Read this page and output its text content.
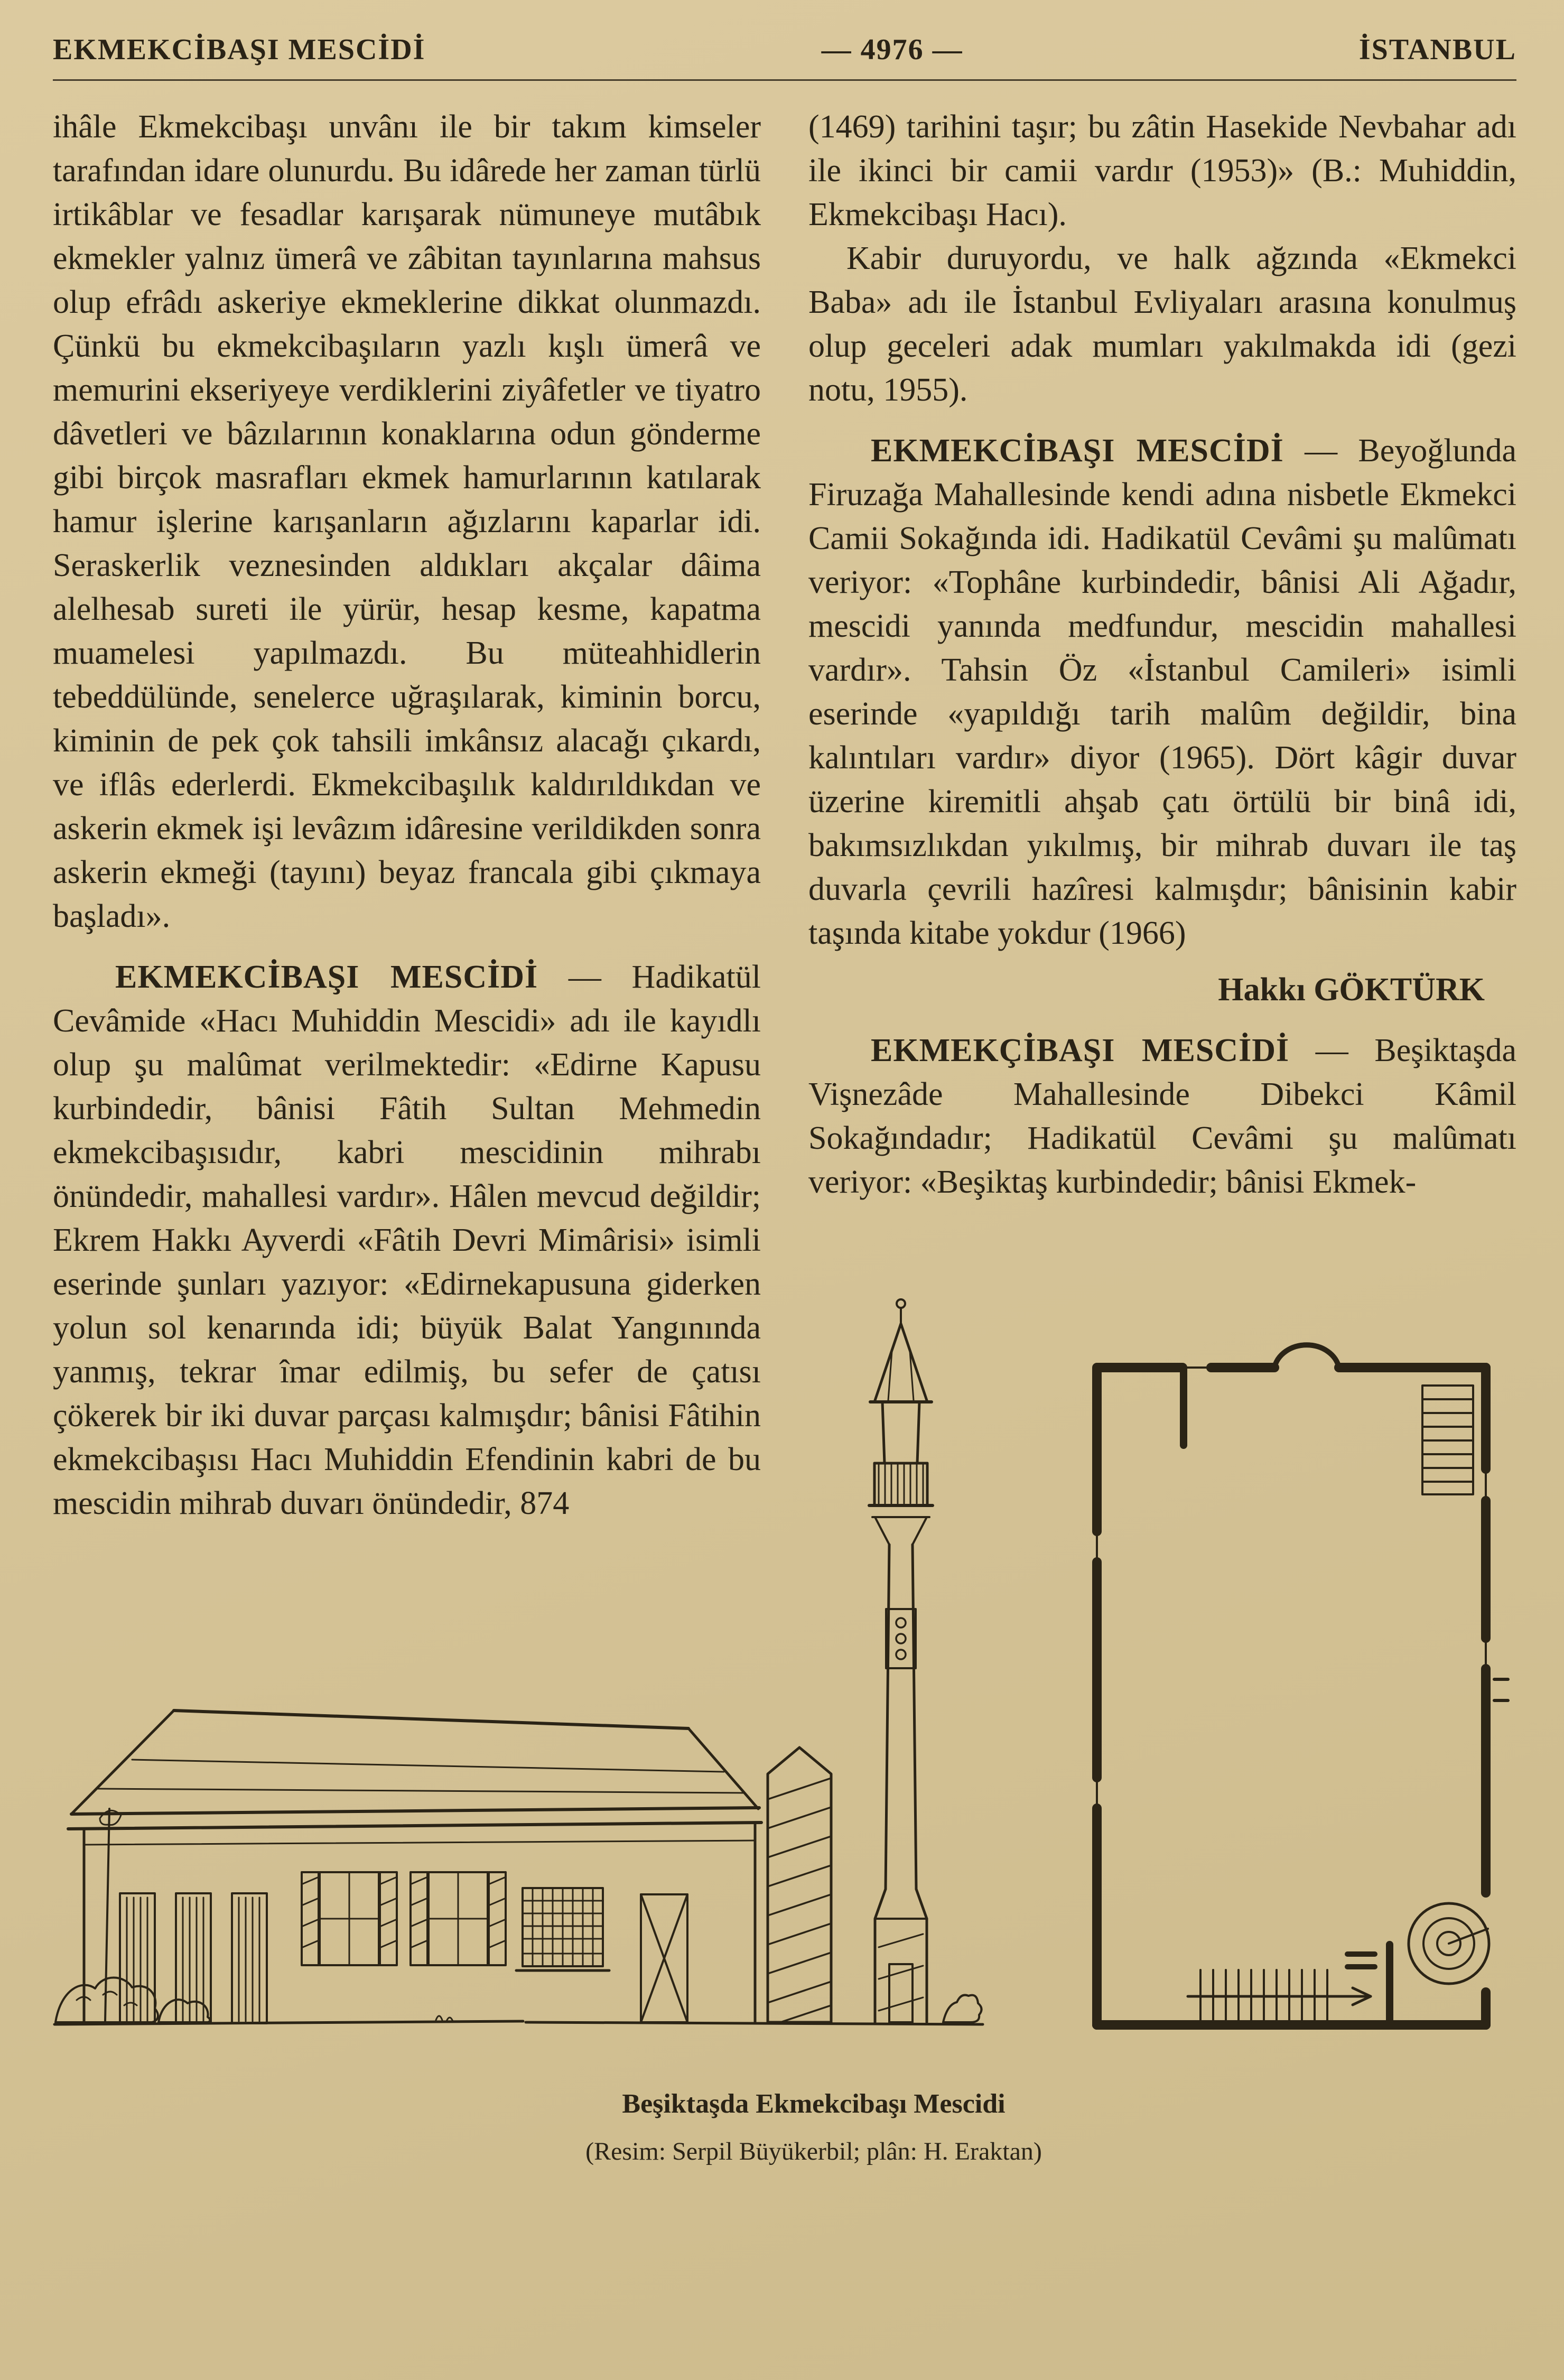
EKMEKCİBAŞI MESCİDİ	— 4976 —	İSTANBUL

ihâle Ekmekcibaşı unvânı ile bir takım kimseler tarafından idare olunurdu. Bu idârede her zaman türlü irtikâblar ve fesadlar karışarak nümuneye mutâbık ekmekler yalnız ümerâ ve zâbitan tayınlarına mahsus olup efrâdı askeriye ekmeklerine dikkat olunmazdı. Çünkü bu ekmekcibaşıların yazlı kışlı ümerâ ve memurini ekseriyeye verdiklerini ziyâfetler ve tiyatro dâvetleri ve bâzılarının konaklarına odun gönderme gibi birçok masrafları ekmek hamurlarının katılarak hamur işlerine karışanların ağızlarını kaparlar idi. Seraskerlik veznesinden aldıkları akçalar dâima alelhesab sureti ile yürür, hesap kesme, kapatma muamelesi yapılmazdı. Bu müteahhidlerin tebeddülünde, senelerce uğraşılarak, kiminin borcu, kiminin de pek çok tahsili imkânsız alacağı çıkardı, ve iflâs ederlerdi. Ekmekcibaşılık kaldırıldıkdan ve askerin ekmek işi levâzım idâresine verildikden sonra askerin ekmeği (tayını) beyaz francala gibi çıkmaya başladı».

EKMEKCİBAŞI MESCİDİ — Hadikatül Cevâmide «Hacı Muhiddin Mescidi» adı ile kayıdlı olup şu malûmat verilmektedir: «Edirne Kapusu kurbindedir, bânisi Fâtih Sultan Mehmedin ekmekcibaşısıdır, kabri mescidinin mihrabı önündedir, mahallesi vardır». Hâlen mevcud değildir; Ekrem Hakkı Ayverdi «Fâtih Devri Mimârisi» isimli eserinde şunları yazıyor: «Edirnekapusuna giderken yolun sol kenarında idi; büyük Balat Yangınında yanmış, tekrar îmar edilmiş, bu sefer de çatısı çökerek bir iki duvar parçası kalmışdır; bânisi Fâtihin ekmekcibaşısı Hacı Muhiddin Efendinin kabri de bu mescidin mihrab duvarı önündedir, 874

(1469) tarihini taşır; bu zâtin Hasekide Nevbahar adı ile ikinci bir camii vardır (1953)» (B.: Muhiddin, Ekmekcibaşı Hacı).

Kabir duruyordu, ve halk ağzında «Ekmekci Baba» adı ile İstanbul Evliyaları arasına konulmuş olup geceleri adak mumları yakılmakda idi (gezi notu, 1955).

EKMEKCİBAŞI MESCİDİ — Beyoğlunda Firuzağa Mahallesinde kendi adına nisbetle Ekmekci Camii Sokağında idi. Hadikatül Cevâmi şu malûmatı veriyor: «Tophâne kurbindedir, bânisi Ali Ağadır, mescidi yanında medfundur, mescidin mahallesi vardır». Tahsin Öz «İstanbul Camileri» isimli eserinde «yapıldığı tarih malûm değildir, bina kalıntıları vardır» diyor (1965). Dört kâgir duvar üzerine kiremitli ahşab çatı örtülü bir binâ idi, bakımsızlıkdan yıkılmış, bir mihrab duvarı ile taş duvarla çevrili hazîresi kalmışdır; bânisinin kabir taşında kitabe yokdur (1966)

Hakkı GÖKTÜRK

EKMEKÇİBAŞI MESCİDİ — Beşiktaşda Vişnezâde Mahallesinde Dibekci Kâmil Sokağındadır; Hadikatül Cevâmi şu malûmatı veriyor: «Beşiktaş kurbindedir; bânisi Ekmek-

Beşiktaşda Ekmekcibaşı Mescidi
(Resim: Serpil Büyükerbil; plân: H. Eraktan)
